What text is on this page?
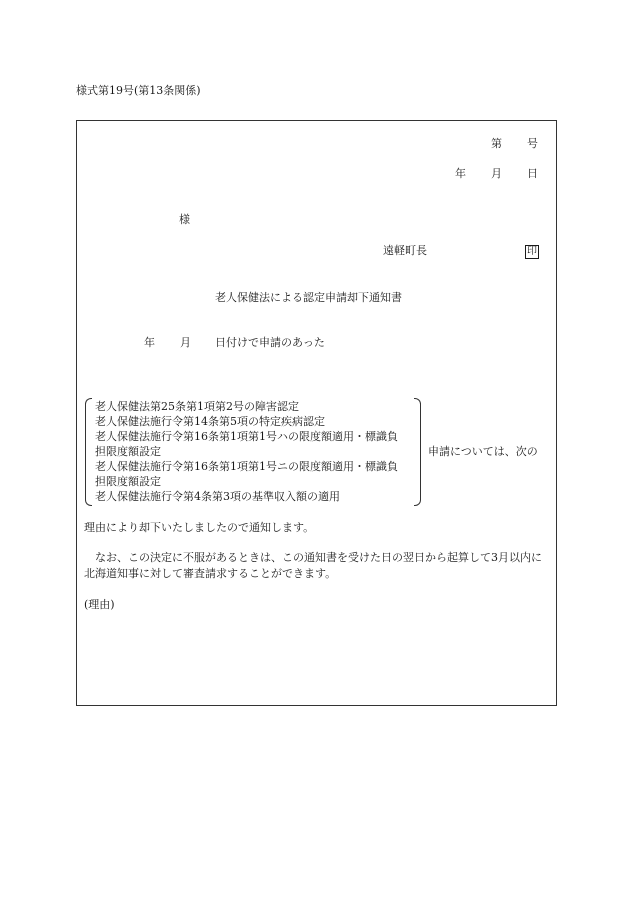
様式第19号(第13条関係)
第 号
年 月 日
様
遠軽町長	印
老人保健法による認定申請却下通知書
年 月 日付けで申請のあった
老人保健法第25条第1項第2号の障害認定
老人保健法施行令第14条第5項の特定疾病認定
老人保健法施行令第16条第1項第1号ハの限度額適用・標識負
担限度額設定
老人保健法施行令第16条第1項第1号ニの限度額適用・標識負
担限度額設定
老人保健法施行令第4条第3項の基準収入額の適用
申請については、次の
理由により却下いたしましたので通知します。
なお、この決定に不服があるときは、この通知書を受けた日の翌日から起算して3月以内に北海道知事に対して審査請求することができます。
(理由)
